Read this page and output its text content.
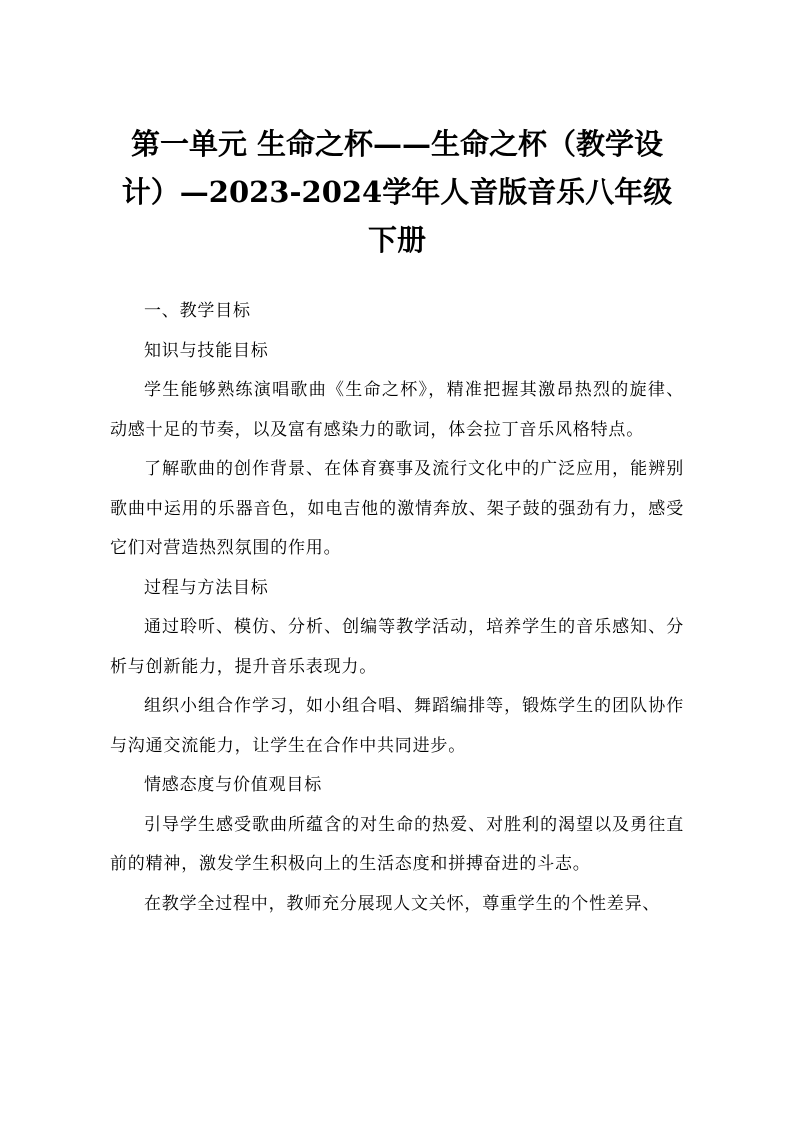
第一单元 生命之杯——生命之杯（教学设计）—2023-2024学年人音版音乐八年级下册

一、教学目标

知识与技能目标

学生能够熟练演唱歌曲《生命之杯》，精准把握其激昂热烈的旋律、动感十足的节奏，以及富有感染力的歌词，体会拉丁音乐风格特点。

了解歌曲的创作背景、在体育赛事及流行文化中的广泛应用，能辨别歌曲中运用的乐器音色，如电吉他的激情奔放、架子鼓的强劲有力，感受它们对营造热烈氛围的作用。

过程与方法目标

通过聆听、模仿、分析、创编等教学活动，培养学生的音乐感知、分析与创新能力，提升音乐表现力。

组织小组合作学习，如小组合唱、舞蹈编排等，锻炼学生的团队协作与沟通交流能力，让学生在合作中共同进步。

情感态度与价值观目标

引导学生感受歌曲所蕴含的对生命的热爱、对胜利的渴望以及勇往直前的精神，激发学生积极向上的生活态度和拼搏奋进的斗志。

在教学全过程中，教师充分展现人文关怀，尊重学生的个性差异、
